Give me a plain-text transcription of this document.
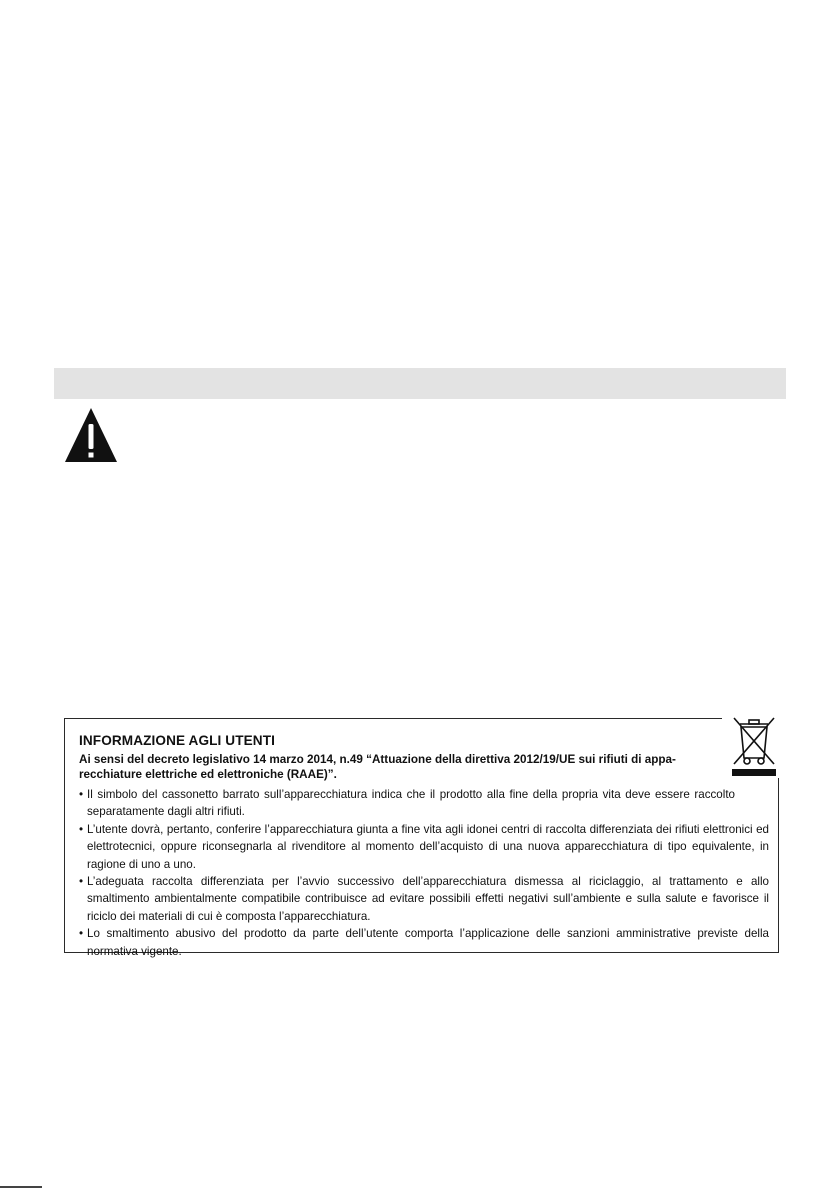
INFORMAZIONE AGLI UTENTI
Ai sensi del decreto legislativo 14 marzo 2014, n.49 “Attuazione della direttiva 2012/19/UE sui rifiuti di appa-
recchiature elettriche ed elettroniche (RAAE)”.
• Il simbolo del cassonetto barrato sull’apparecchiatura indica che il prodotto alla fine della propria vita deve essere raccolto separatamente dagli altri rifiuti.
• L’utente dovrà, pertanto, conferire l’apparecchiatura giunta a fine vita agli idonei centri di raccolta differenziata dei rifiuti elettronici ed elettrotecnici, oppure riconsegnarla al rivenditore al momento dell’acquisto di una nuova apparecchiatura di tipo equivalente, in ragione di uno a uno.
• L’adeguata raccolta differenziata per l’avvio successivo dell’apparecchiatura dismessa al riciclaggio, al trattamento e allo smaltimento ambientalmente compatibile contribuisce ad evitare possibili effetti negativi sull’ambiente e sulla salute e favorisce il riciclo dei materiali di cui è composta l’apparecchiatura.
• Lo smaltimento abusivo del prodotto da parte dell’utente comporta l’applicazione delle sanzioni amministrative previste della normativa vigente.
